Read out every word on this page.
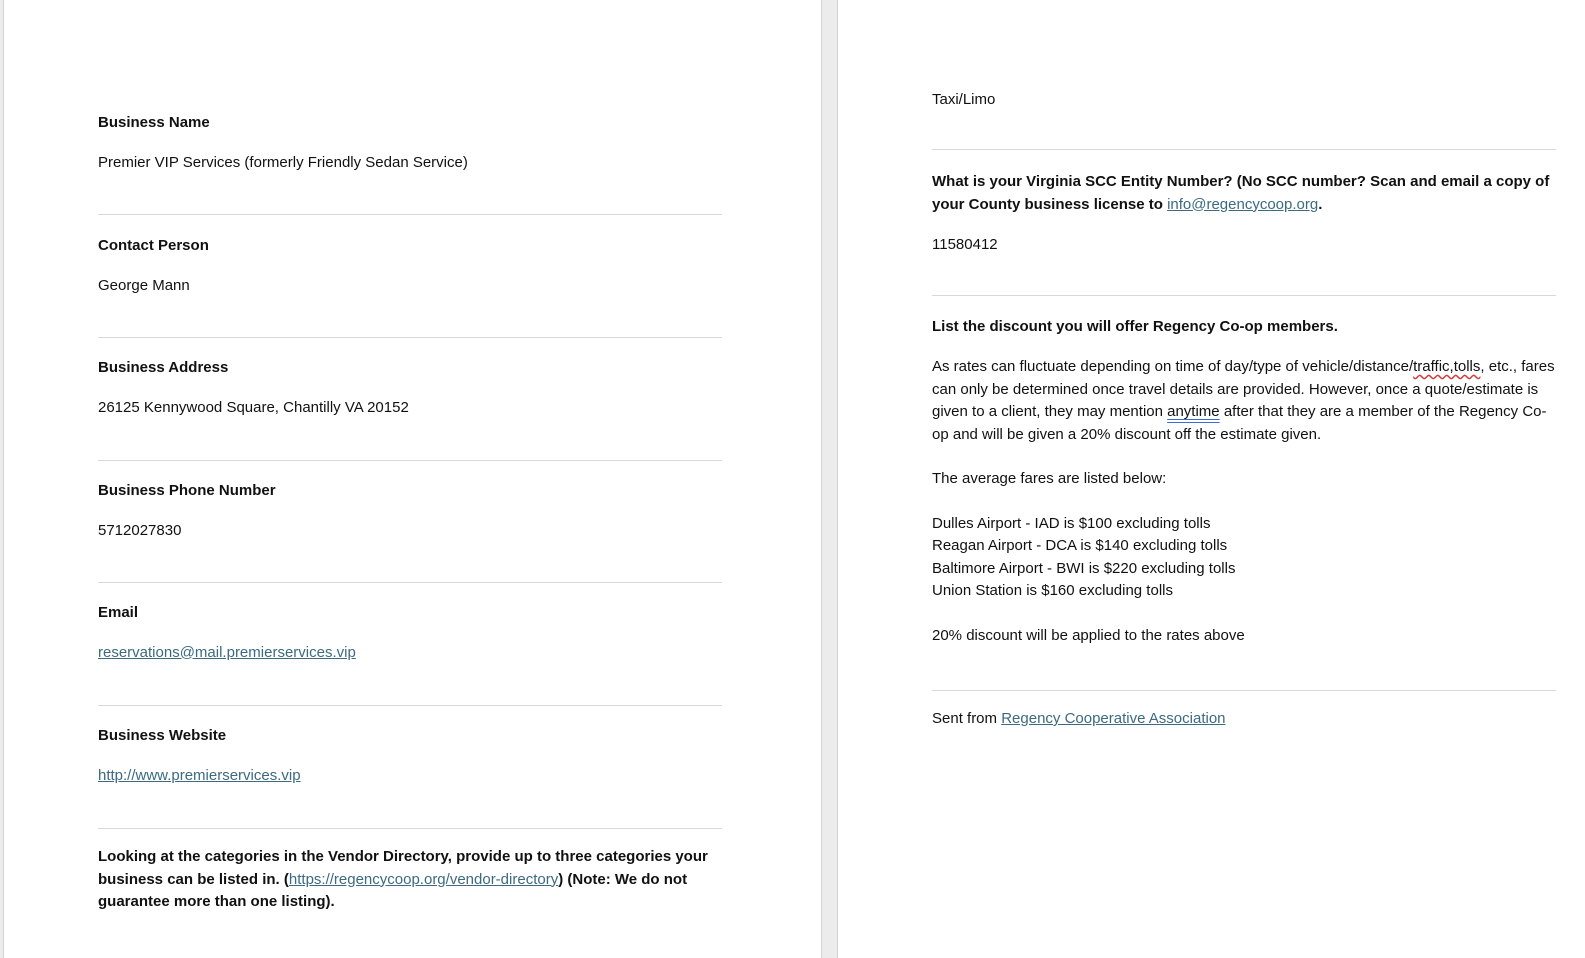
Business Name
Premier VIP Services (formerly Friendly Sedan Service)
Contact Person
George Mann
Business Address
26125 Kennywood Square, Chantilly VA 20152
Business Phone Number
5712027830
Email
reservations@mail.premierservices.vip
Business Website
http://www.premierservices.vip
Looking at the categories in the Vendor Directory, provide up to three categories your business can be listed in. (https://regencycoop.org/vendor-directory) (Note: We do not guarantee more than one listing).
Taxi/Limo
What is your Virginia SCC Entity Number? (No SCC number? Scan and email a copy of your County business license to info@regencycoop.org.
11580412
List the discount you will offer Regency Co-op members.

As rates can fluctuate depending on time of day/type of vehicle/distance/traffic,tolls, etc., fares can only be determined once travel details are provided. However, once a quote/estimate is given to a client, they may mention anytime after that they are a member of the Regency Co-op and will be given a 20% discount off the estimate given.

The average fares are listed below:

Dulles Airport - IAD is $100 excluding tolls
Reagan Airport - DCA is $140 excluding tolls
Baltimore Airport - BWI is $220 excluding tolls
Union Station is $160 excluding tolls

20% discount will be applied to the rates above

Sent from Regency Cooperative Association
